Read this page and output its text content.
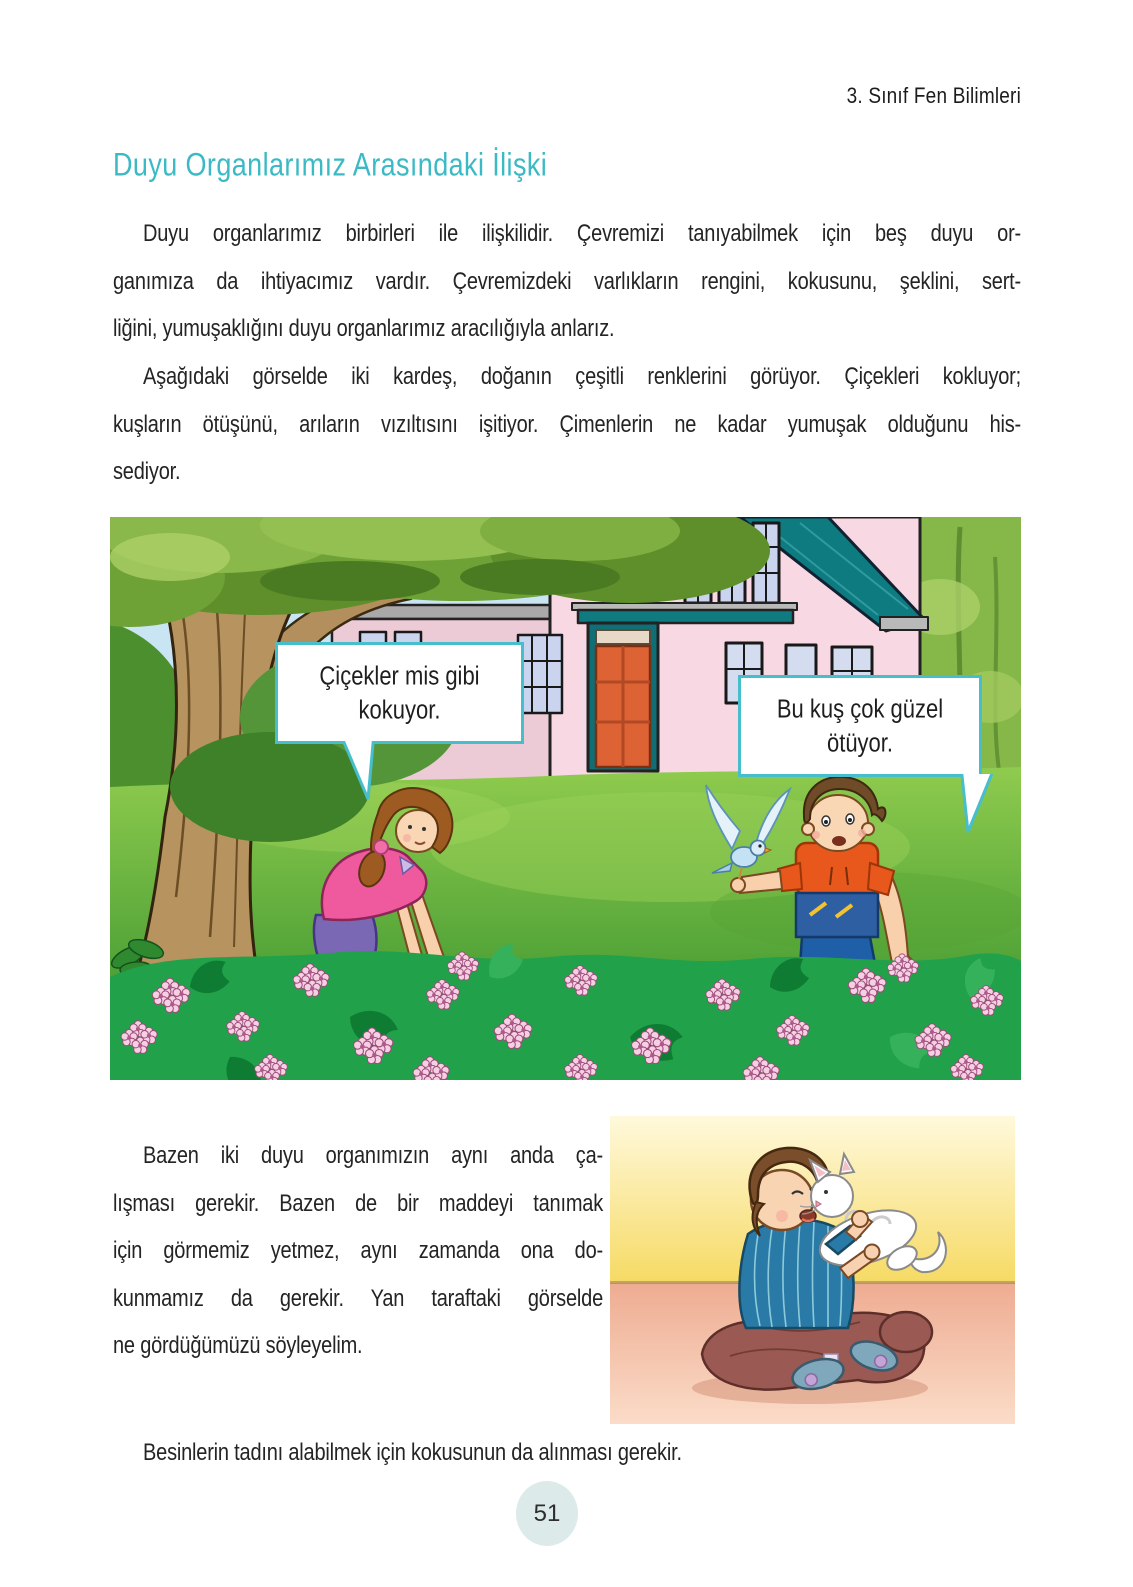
3. Sınıf Fen Bilimleri
Duyu Organlarımız Arasındaki İlişki
Duyu organlarımız birbirleri ile ilişkilidir. Çevremizi tanıyabilmek için beş duyu or-
ganımıza da ihtiyacımız vardır. Çevremizdeki varlıkların rengini, kokusunu, şeklini, sert-
liğini, yumuşaklığını duyu organlarımız aracılığıyla anlarız.
Aşağıdaki görselde iki kardeş, doğanın çeşitli renklerini görüyor. Çiçekleri kokluyor;
kuşların ötüşünü, arıların vızıltısını işitiyor. Çimenlerin ne kadar yumuşak olduğunu his-
sediyor.
Çiçekler mis gibi
kokuyor.	Bu kuş çok güzel
ötüyor.
Bazen iki duyu organımızın aynı anda ça-
lışması gerekir. Bazen de bir maddeyi tanımak
için görmemiz yetmez, aynı zamanda ona do-
kunmamız da gerekir. Yan taraftaki görselde
ne gördüğümüzü söyleyelim.
Besinlerin tadını alabilmek için kokusunun da alınması gerekir.
51
